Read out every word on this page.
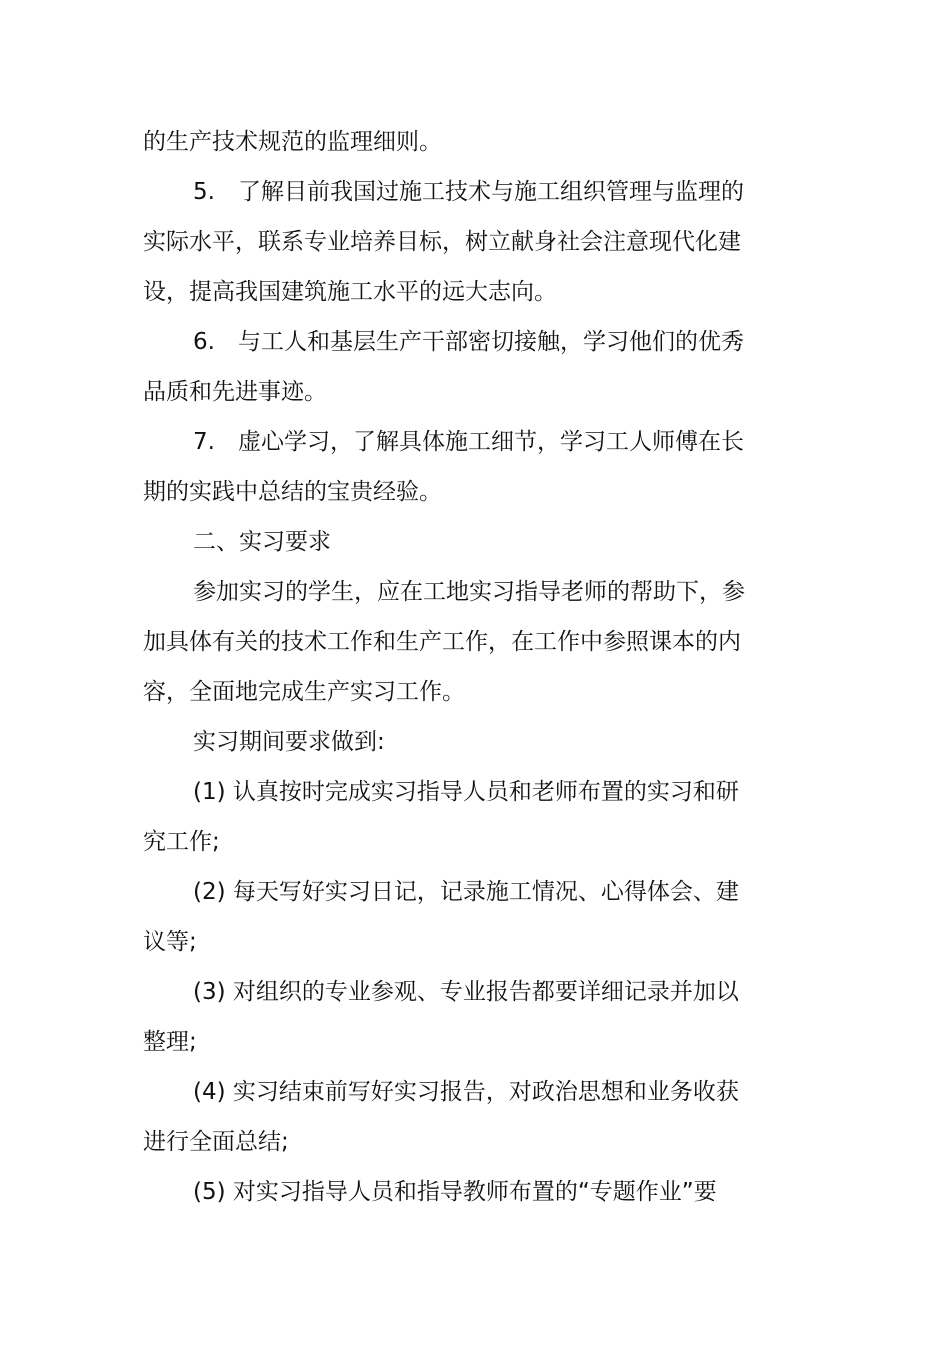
的生产技术规范的监理细则。
5.　了解目前我国过施工技术与施工组织管理与监理的
实际水平，联系专业培养目标，树立献身社会注意现代化建
设，提高我国建筑施工水平的远大志向。
6.　与工人和基层生产干部密切接触，学习他们的优秀
品质和先进事迹。
7.　虚心学习，了解具体施工细节，学习工人师傅在长
期的实践中总结的宝贵经验。
二、实习要求
参加实习的学生，应在工地实习指导老师的帮助下，参
加具体有关的技术工作和生产工作，在工作中参照课本的内
容，全面地完成生产实习工作。
实习期间要求做到:
(1) 认真按时完成实习指导人员和老师布置的实习和研
究工作;
(2) 每天写好实习日记，记录施工情况、心得体会、建
议等;
(3) 对组织的专业参观、专业报告都要详细记录并加以
整理;
(4) 实习结束前写好实习报告，对政治思想和业务收获
进行全面总结;
(5) 对实习指导人员和指导教师布置的“专题作业”要
